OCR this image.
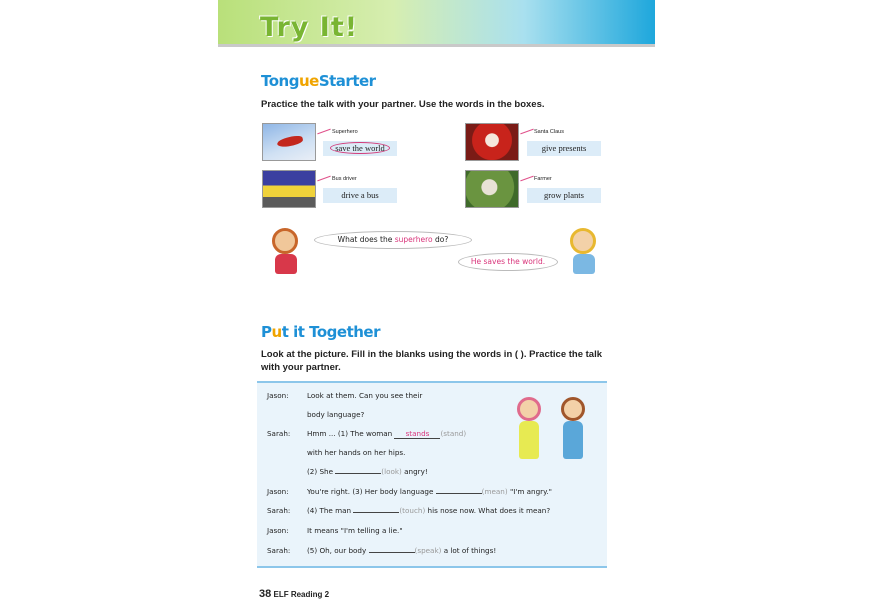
Try It!
TongueStarter
Practice the talk with your partner. Use the words in the boxes.
Superhero
save the world
Santa Claus
give presents
Bus driver
drive a bus
Farmer
grow plants
What does the superhero do?
He saves the world.
Put it Together
Look at the picture. Fill in the blanks using the words in ( ). Practice the talk
with your partner.
Jason:	Look at them. Can you see their
body language?
Sarah:	Hmm ... (1) The woman stands (stand)
with her hands on her hips.
(2) She	(look) angry!
Jason:	You're right. (3) Her body language	(mean) "I'm angry."
Sarah:	(4) The man	(touch) his nose now. What does it mean?
Jason:	It means "I'm telling a lie."
Sarah:	(5) Oh, our body	(speak) a lot of things!
38 ELF Reading 2
